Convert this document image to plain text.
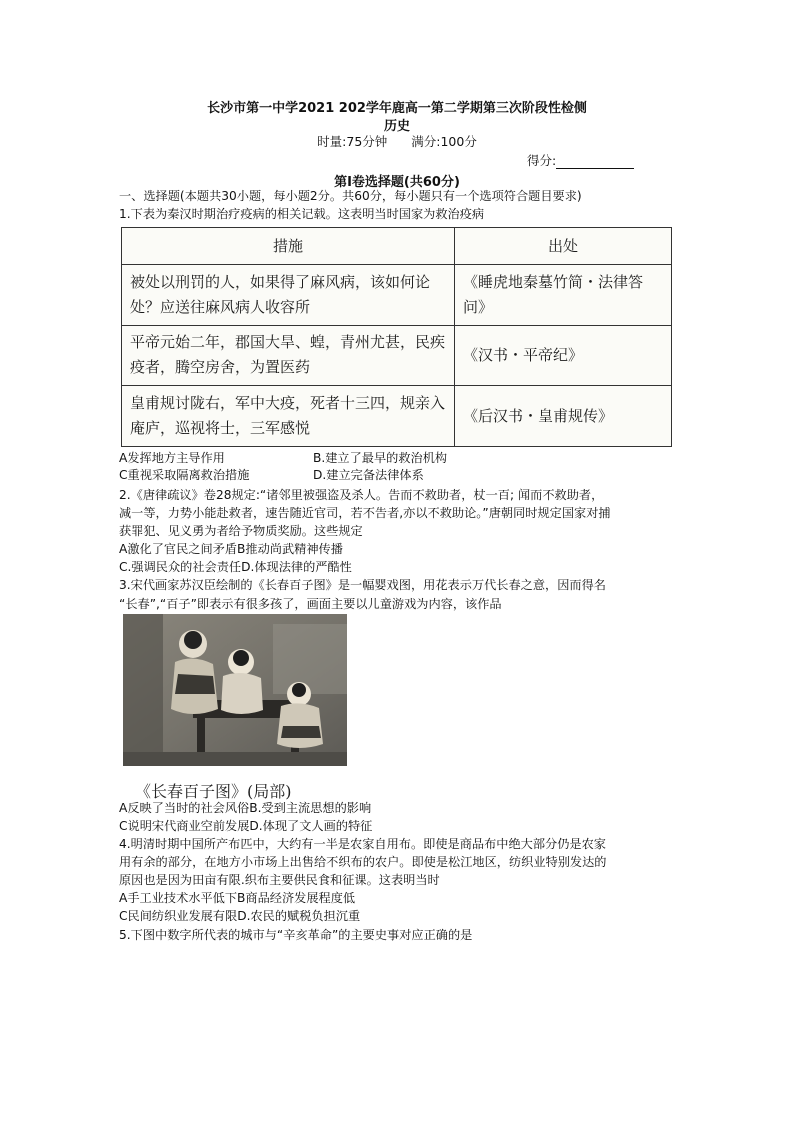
长沙市第一中学2021 202学年鹿高一第二学期第三次阶段性检侧
历史
时量:75分钟 满分:100分
得分:
第Ⅰ卷选择题(共60分)
一、选择题(本题共30小题，每小题2分。共60分，每小题只有一个选项符合题目要求)
1.下表为秦汉时期治疗疫病的相关记载。这表明当时国家为救治疫病
措施	出处
被处以刑罚的人，如果得了麻风病，该如何论处？应送往麻风病人收容所	《睡虎地秦墓竹简・法律答问》
平帝元始二年，郡国大旱、蝗，青州尤甚，民疾疫者，腾空房舍，为置医药	《汉书・平帝纪》
皇甫规讨陇右，军中大疫，死者十三四，规亲入庵庐，巡视将士，三军感悦	《后汉书・皇甫规传》
A发挥地方主导作用	B.建立了最早的救治机构
C重视采取隔离救治措施	D.建立完备法律体系
2.《唐律疏议》卷28规定:“诸邻里被强盗及杀人。告而不救助者，杖一百; 闻而不救助者，
减一等，力势小能赴救者，速告随近官司，若不告者,亦以不救助论。”唐朝同时规定国家对捕
获罪犯、见义勇为者给予物质奖励。这些规定
A激化了官民之间矛盾B推动尚武精神传播
C.强调民众的社会责任D.体现法律的严酷性
3.宋代画家苏汉臣绘制的《长春百子图》是一幅婴戏图，用花表示万代长春之意，因而得名
“长春”,“百子”即表示有很多孩了，画面主要以儿童游戏为内容，该作品
《长春百子图》(局部)
A反映了当时的社会风俗B.受到主流思想的影响
C说明宋代商业空前发展D.体现了文人画的特征
4.明清时期中国所产布匹中，大约有一半是农家自用布。即使是商品布中绝大部分仍是农家
用有余的部分，在地方小市场上出售给不织布的农户。即使是松江地区，纺织业特别发达的
原因也是因为田亩有限.织布主要供民食和征课。这表明当时
A手工业技术水平低下B商品经济发展程度低
C民间纺织业发展有限D.农民的赋税负担沉重
5.下图中数字所代表的城市与“辛亥革命”的主要史事对应正确的是
